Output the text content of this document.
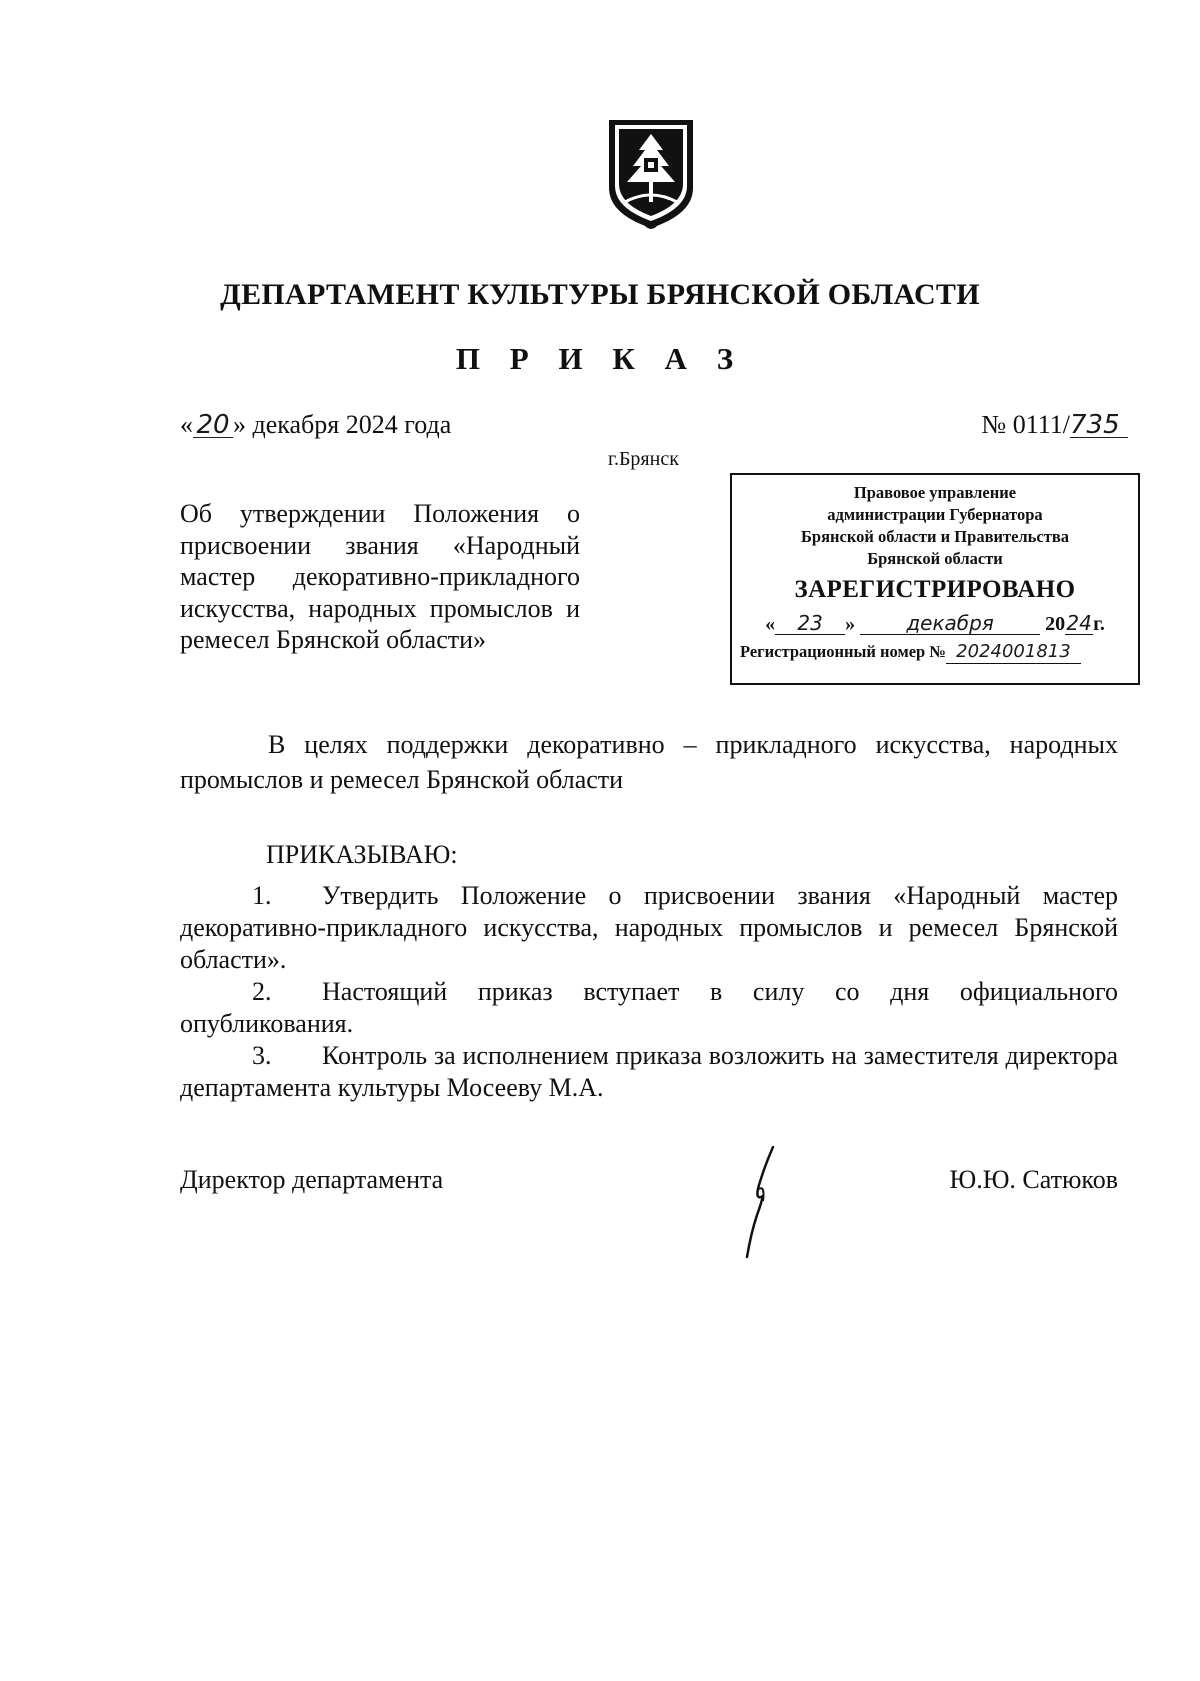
ДЕПАРТАМЕНТ КУЛЬТУРЫ БРЯНСКОЙ ОБЛАСТИ
П Р И К А З
« 20 » декабря 2024 года	№ 0111/735
г.Брянск
Об утверждении Положения о присвоении звания «Народный мастер декоративно-прикладного искусства, народных промыслов и ремесел Брянской области»
Правовое управление
администрации Губернатора
Брянской области и Правительства
Брянской области
ЗАРЕГИСТРИРОВАНО
« 23 »	декабря	2024г.
Регистрационный номер № 2024001813
В целях поддержки декоративно – прикладного искусства, народных промыслов и ремесел Брянской области
ПРИКАЗЫВАЮ:
1. Утвердить Положение о присвоении звания «Народный мастер декоративно-прикладного искусства, народных промыслов и ремесел Брянской области».
2. Настоящий приказ вступает в силу со дня официального опубликования.
3. Контроль за исполнением приказа возложить на заместителя директора департамента культуры Мосееву М.А.
Директор департамента	Ю.Ю. Сатюков
